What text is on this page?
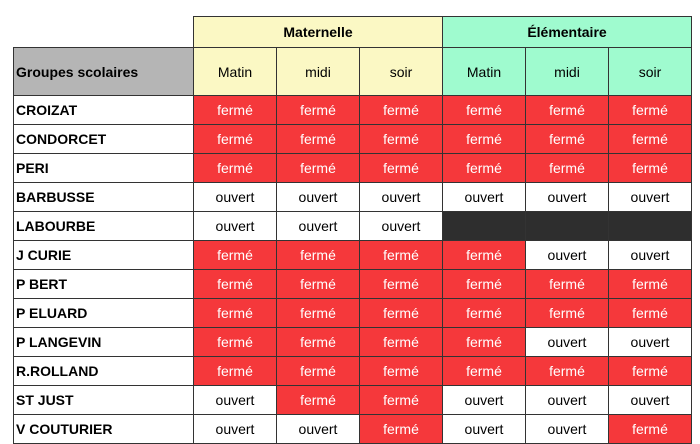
	Maternelle			Élémentaire		
Groupes scolaires	Matin	midi	soir	Matin	midi	soir
CROIZAT	fermé	fermé	fermé	fermé	fermé	fermé
CONDORCET	fermé	fermé	fermé	fermé	fermé	fermé
PERI	fermé	fermé	fermé	fermé	fermé	fermé
BARBUSSE	ouvert	ouvert	ouvert	ouvert	ouvert	ouvert
LABOURBE	ouvert	ouvert	ouvert			
J CURIE	fermé	fermé	fermé	fermé	ouvert	ouvert
P BERT	fermé	fermé	fermé	fermé	fermé	fermé
P ELUARD	fermé	fermé	fermé	fermé	fermé	fermé
P LANGEVIN	fermé	fermé	fermé	fermé	ouvert	ouvert
R.ROLLAND	fermé	fermé	fermé	fermé	fermé	fermé
ST JUST	ouvert	fermé	fermé	ouvert	ouvert	ouvert
V COUTURIER	ouvert	ouvert	fermé	ouvert	ouvert	fermé
